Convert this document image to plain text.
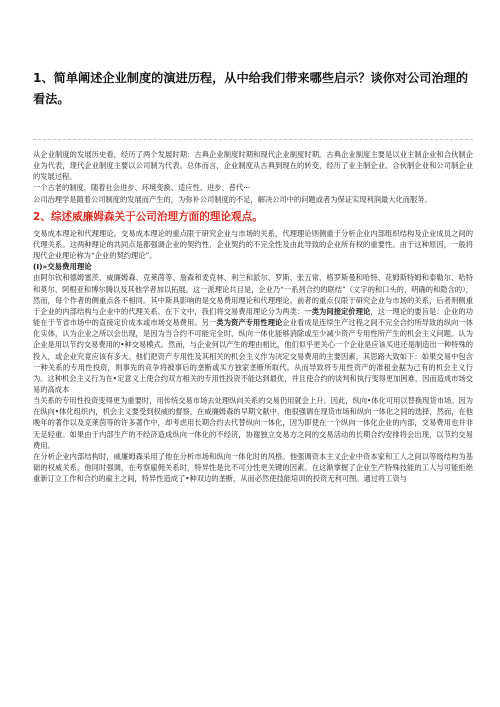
1、简单阐述企业制度的演进历程，从中给我们带来哪些启示？谈你对公司治理的看法。

从企业制度的发展历史看，经历了两个发展时期：古典企业制度时期和现代企业制度时期。古典企业制度主要是以业主制企业和合伙制企业为代表，现代企业制度主要以公司制为代表。总体而言，企业制度从古典到现在的转变，经历了业主制企业、合伙制企业和公司制企业的发展过程。

一个古老的制度，随着社会进步、环境变换、适应性、进步、普代···

公司治理学是随着公司制度的发展而产生的，为弥补公司制度的不足，解决公司中的问题或者为保证实现利润最大化而服务。

2、综述威廉姆森关于公司治理方面的理论观点。

交易成本理论和代理理论。交易成本理论的重点限于研究企业与市场的关系，代理理论则侧重于分析企业内部组织结构及企业成员之间的代理关系。这两种理论的共同点是都强调企业的契约性、企业契约的不完全性及由此导致的企业所有权的重要性。由于这种原因，一般将现代企业理论称为“企业的契约理论”。

(I)»交易费用理论

由阿尔钦和德姆塞茨、威廉姆森、克莱茵等、詹森和麦克林、利兰和派尔、罗斯、张五常、格罗斯曼和哈特、花姆斯特姆和泰勒尔、哈特和莫尔、阿根亚和博尔腾以及其他学者加以拓展。这一派理论共目是，企业乃“一系列合约的联结”（文字的和口头的，明确的和隐含的），然而，每个作者的侧重点各不相同。其中斯具影响的是交易费用理论和代理理论。前者的重点仅限于研究企业与市场的关系，后者则侧重于企业的内部结构与企业中的代理关系。在下文中，我们将交易费用理论分为两类：一类为间接定价理论，这一理论的要旨是：企业的功能在于节省市场中的直接定价成本或市场交易费用。另一类为资产专用性理论企业看成是连续生产过程之间不完全合约所导致的纵向一体化实体，认为企业之所以会出现，是因为当合约不可能完全时，纵向一体化能够消除或至少减少资产专用性所产生的机会主义问题。认为企业是用以节约交易费用的•种交易模式。然而，与企业何以产生的理由相比，他们似乎更关心一个企业是应该买进还是制造出一种特殊的投入，或企业究竟应该有多大。他们把资产专用性及其相关的机会主义作为决定交易费用的主要因素，其思路大致如下：如果交易中包含一种关系的专用性投资，则事先的竞争将被事后的垄断或买方独家垄断所取代。从而导致将专用性资产的准租金据为己有的机会主义行为。这种机会主义行为在•定意义上使合约双方相关的专用性投资不能达到最优，并且使合约的谈判和执行变得更加困难，因而造成市场交易的高成本

当关系的专用性投资变得更为重要时，用传统交易市场去处理纵向关系的交易仍用就会上升。因此，纵向•体化可用以替换现货市场。因为在纵向•体化组织内，机会主义要受到权威的督察，在威廉姆森的早期文献中，他很强调在现货市场和纵向一体化之间的选择，然而，在他晚年的著作以及克莱茵等的许多著作中，却考虑用长期合约去代替纵向一体化，因为即使在一个纵向一体化企业的内部，交易费用也并非无足轻重。如果由于内部生产的不经济造成纵向一体化的不经济，协谢独立交易方之间的交易活动的长期合约安排将会出现，以节约交易费用。

在分析企业内部结构时，威廉姆森采用了他在分析市场和纵向一体化时的风格。他强调资本主义企业中资本家和工人之间以等级结构为基础的权威关系，他同时强调，在考察雇佣关系时，特异性是比不可分性更关键的因素。在这渐掌握了企业生产特殊技能的工人与可能拒绝重新订立工作和合约的雇主之间，特异性造成了•种双边的垄断，从而必然使技能培训的投资无利可图。通过将工资与
